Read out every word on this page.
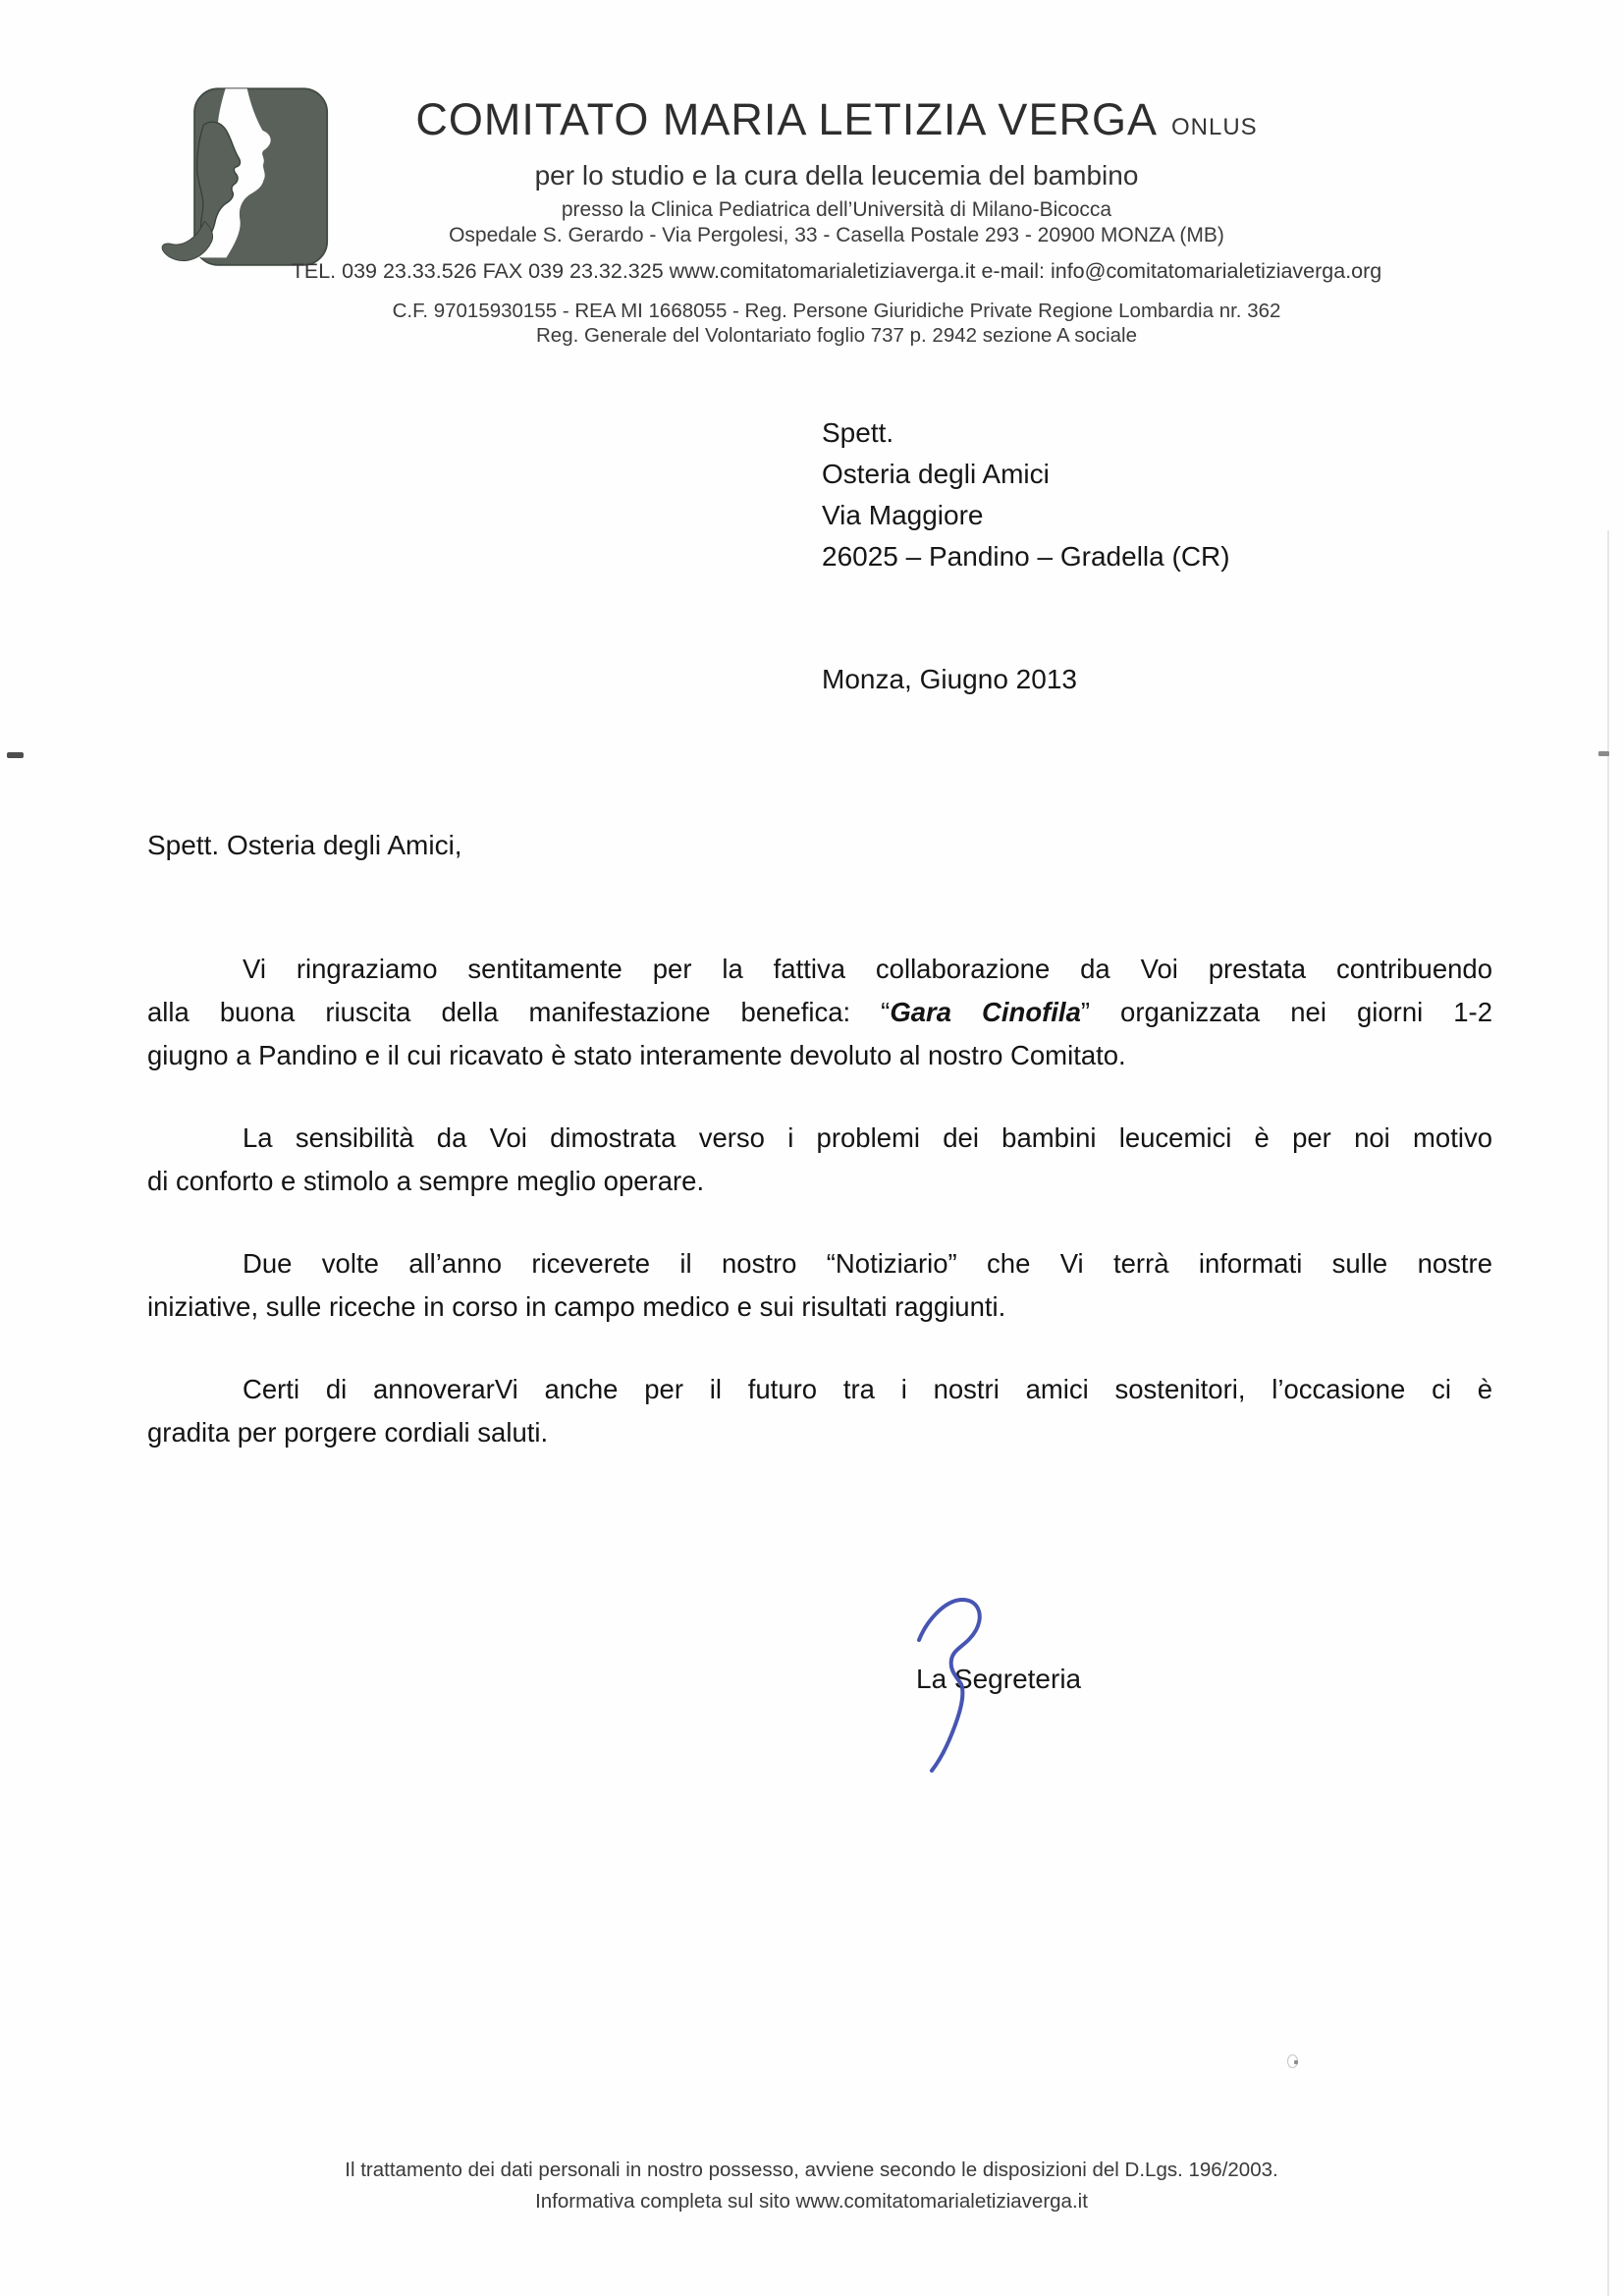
COMITATO MARIA LETIZIA VERGA ONLUS
per lo studio e la cura della leucemia del bambino
presso la Clinica Pediatrica dell’Università di Milano-Bicocca
Ospedale S. Gerardo - Via Pergolesi, 33 - Casella Postale 293 - 20900 MONZA (MB)
TEL. 039 23.33.526 FAX 039 23.32.325 www.comitatomarialetiziaverga.it e-mail: info@comitatomarialetiziaverga.org
C.F. 97015930155 - REA MI 1668055 - Reg. Persone Giuridiche Private Regione Lombardia nr. 362
Reg. Generale del Volontariato foglio 737 p. 2942 sezione A sociale
Spett.
Osteria degli Amici
Via Maggiore
26025 – Pandino – Gradella (CR)
Monza, Giugno 2013
Spett. Osteria degli Amici,
Vi ringraziamo sentitamente per la fattiva collaborazione da Voi prestata contribuendo
alla buona riuscita della manifestazione benefica: “Gara Cinofila” organizzata nei giorni 1-2
giugno a Pandino e il cui ricavato è stato interamente devoluto al nostro Comitato.
La sensibilità da Voi dimostrata verso i problemi dei bambini leucemici è per noi motivo
di conforto e stimolo a sempre meglio operare.
Due volte all’anno riceverete il nostro “Notiziario” che Vi terrà informati sulle nostre
iniziative, sulle riceche in corso in campo medico e sui risultati raggiunti.
Certi di annoverarVi anche per il futuro tra i nostri amici sostenitori, l’occasione ci è
gradita per porgere cordiali saluti.
La Segreteria
Il trattamento dei dati personali in nostro possesso, avviene secondo le disposizioni del D.Lgs. 196/2003.
Informativa completa sul sito www.comitatomarialetiziaverga.it
